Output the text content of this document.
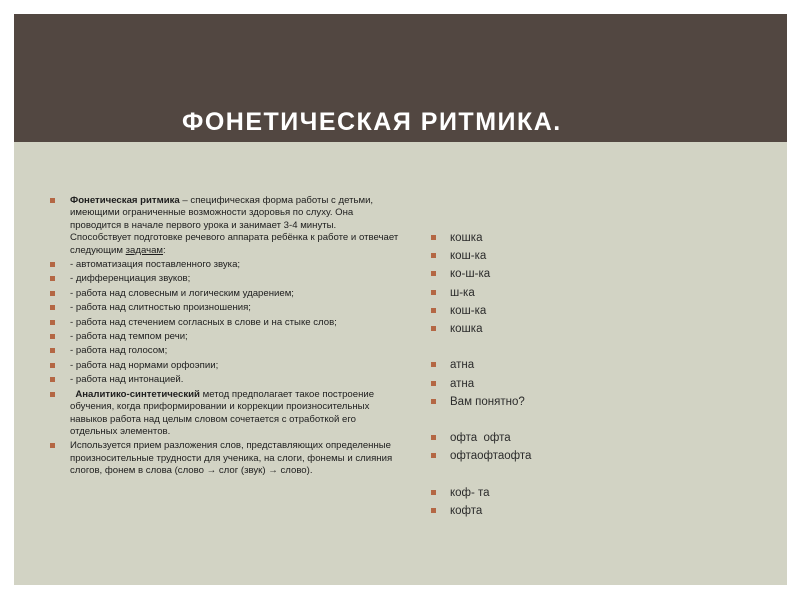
ФОНЕТИЧЕСКАЯ РИТМИКА.
Фонетическая ритмика – специфическая форма работы с детьми, имеющими ограниченные возможности здоровья по слуху. Она проводится в начале первого урока и занимает 3-4 минуты. Способствует подготовке речевого аппарата ребёнка к работе и отвечает следующим задачам:
- автоматизация поставленного звука;
- дифференциация звуков;
- работа над словесным и логическим ударением;
- работа над слитностью произношения;
- работа над стечением согласных в слове и на стыке слов;
- работа над темпом речи;
- работа над голосом;
- работа над нормами орфоэпии;
- работа над интонацией.
Аналитико-синтетический метод предполагает такое построение обучения, когда приформировании и коррекции произносительных навыков работа над целым словом сочетается с отработкой его отдельных элементов.
Используется прием разложения слов, представляющих определенные произносительные трудности для ученика, на слоги, фонемы и слияния слогов, фонем в слова (слово → слог (звук) → слово).
кошка
кош-ка
ко-ш-ка
ш-ка
кош-ка
кошка
атна
атна
Вам понятно?
офта  офта
офтаофтаофта
коф- та
кофта
